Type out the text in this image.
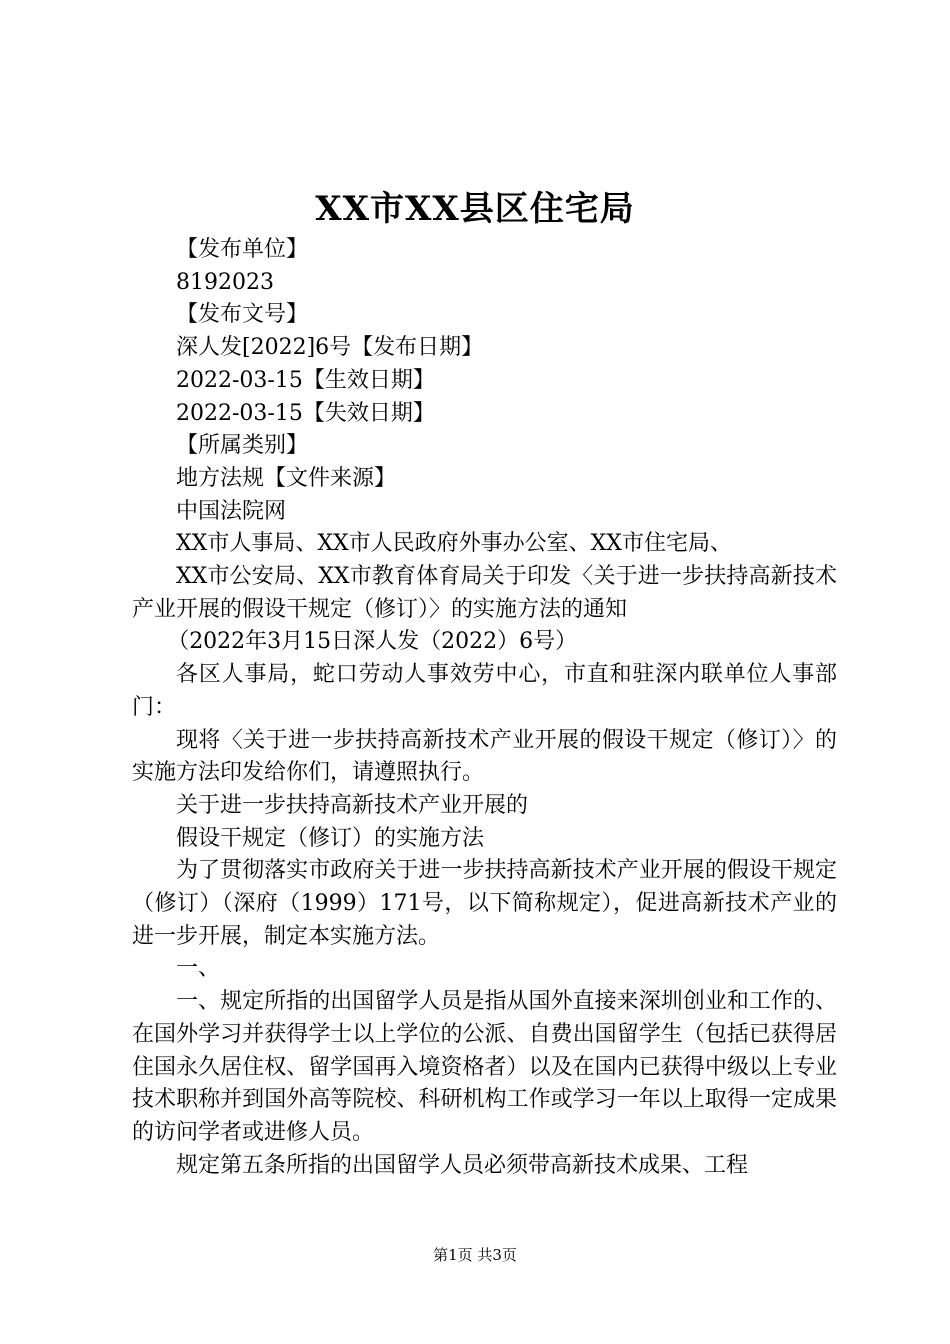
XX市XX县区住宅局

【发布单位】

8192023

【发布文号】

深人发[2022]6号【发布日期】

2022-03-15【生效日期】

2022-03-15【失效日期】

【所属类别】

地方法规【文件来源】

中国法院网

XX市人事局、XX市人民政府外事办公室、XX市住宅局、

XX市公安局、XX市教育体育局关于印发〈关于进一步扶持高新技术产业开展的假设干规定（修订）〉的实施方法的通知

（2022年3月15日深人发（2022）6号）

各区人事局，蛇口劳动人事效劳中心，市直和驻深内联单位人事部门：

现将〈关于进一步扶持高新技术产业开展的假设干规定（修订）〉的实施方法印发给你们，请遵照执行。

关于进一步扶持高新技术产业开展的

假设干规定（修订）的实施方法

为了贯彻落实市政府关于进一步扶持高新技术产业开展的假设干规定（修订）（深府（1999）171号，以下简称规定），促进高新技术产业的进一步开展，制定本实施方法。

一、

一、规定所指的出国留学人员是指从国外直接来深圳创业和工作的、在国外学习并获得学士以上学位的公派、自费出国留学生（包括已获得居住国永久居住权、留学国再入境资格者）以及在国内已获得中级以上专业技术职称并到国外高等院校、科研机构工作或学习一年以上取得一定成果的访问学者或进修人员。

规定第五条所指的出国留学人员必须带高新技术成果、工程

第1页 共3页
